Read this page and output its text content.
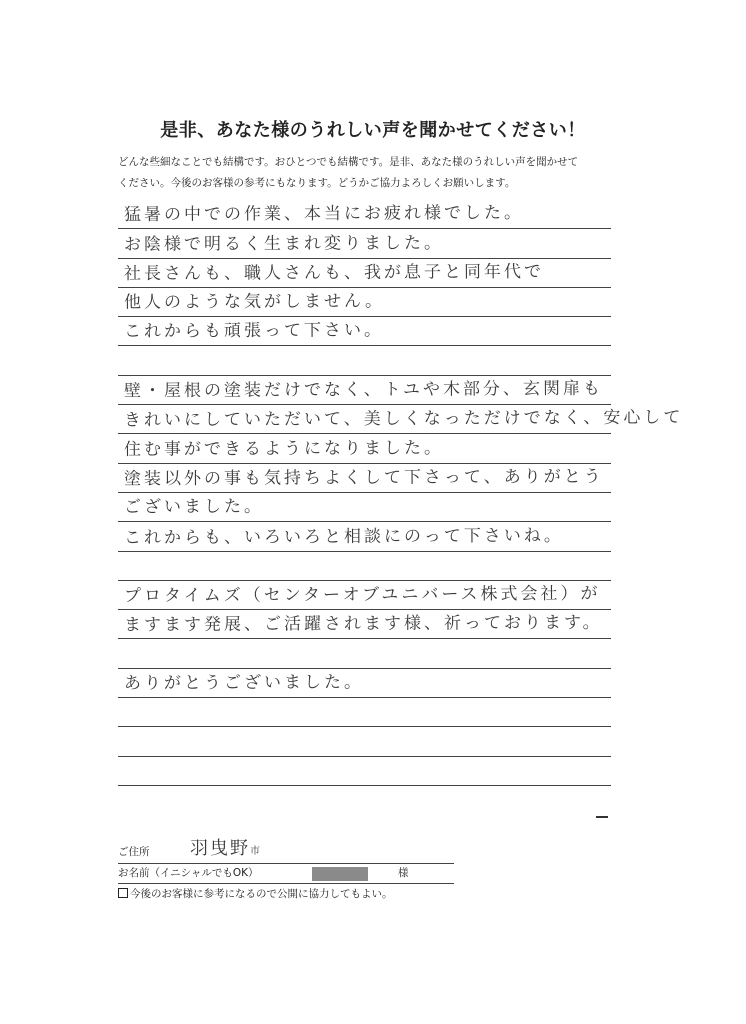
是非、あなた様のうれしい声を聞かせてください！
どんな些細なことでも結構です。おひとつでも結構です。是非、あなた様のうれしい声を聞かせて
ください。今後のお客様の参考にもなります。どうかご協力よろしくお願いします。
猛暑の中での作業、本当にお疲れ様でした。
お陰様で明るく生まれ変りました。
社長さんも、職人さんも、我が息子と同年代で
他人のような気がしません。
これからも頑張って下さい。
壁・屋根の塗装だけでなく、トユや木部分、玄関扉も
きれいにしていただいて、美しくなっただけでなく、安心して
住む事ができるようになりました。
塗装以外の事も気持ちよくして下さって、ありがとう
ございました。
これからも、いろいろと相談にのって下さいね。
プロタイムズ（センターオブユニバース株式会社）が
ますます発展、ご活躍されます様、祈っております。
ありがとうございました。
ご住所 羽曳野市
お名前（イニシャルでもOK）	様
今後のお客様に参考になるので公開に協力してもよい。
